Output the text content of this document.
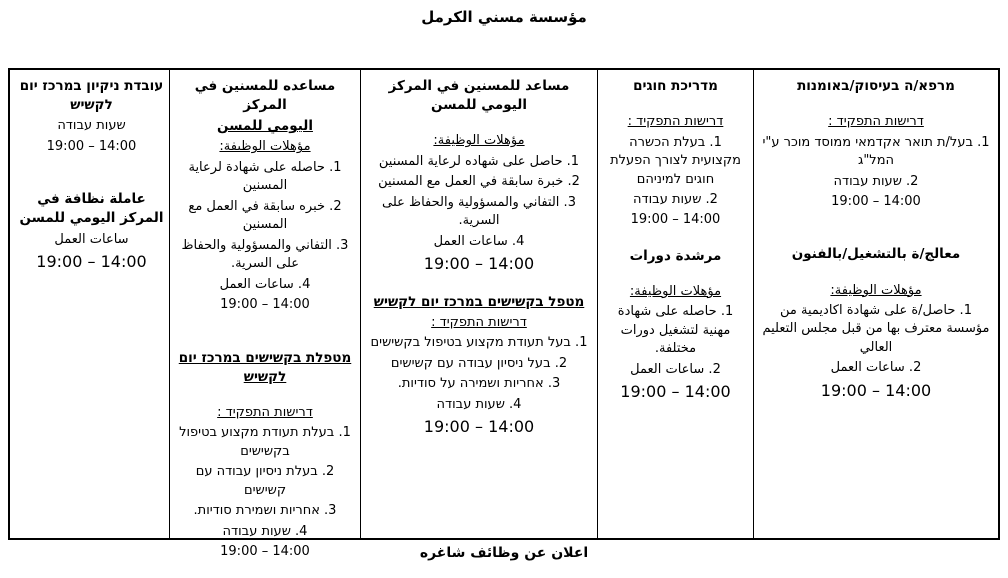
مؤسسة مسني الكرمل

מרפא/ה בעיסוק/באומנות

דרישות התפקיד :

1. בעל/ת תואר אקדמאי ממוסד מוכר ע"י המל"ג

2. שעות עבודה

19:00 – 14:00

معالج/ة بالتشغيل/بالفنون

مؤهلات الوظيفة:

1. حاصل/ة على شهادة اكاديمية من مؤسسة معترف بها من قبل مجلس التعليم العالي

2. ساعات العمل

19:00 – 14:00

מדריכת חוגים

דרישות התפקיד :

1. בעלת הכשרה מקצועית לצורך הפעלת חוגים למיניהם

2. שעות עבודה

19:00 – 14:00

مرشدة دورات

مؤهلات الوظيفة:

1. حاصله على شهادة مهنية لتشغيل دورات مختلفة.

2. ساعات العمل

19:00 – 14:00

مساعد للمسنين في المركز اليومي للمسن

مؤهلات الوظيفة:

1. حاصل على شهاده لرعاية المسنين

2. خبرة سابقة في العمل مع المسنين

3. التفاني والمسؤولية والحفاظ على السرية.

4. ساعات العمل

19:00 – 14:00

מטפל בקשישים במרכז יום לקשיש

דרישות התפקיד :

1. בעל תעודת מקצוע בטיפול בקשישים

2. בעל ניסיון עבודה עם קשישים

3. אחריות ושמירה על סודיות.

4. שעות עבודה

19:00 – 14:00

مساعده للمسنين في المركز

اليومي للمسن

مؤهلات الوظيفة:

1. حاصله على شهادة لرعاية المسنين

2. خبره سابقة في العمل مع المسنين

3. التفاني والمسؤولية والحفاظ على السرية.

4. ساعات العمل

19:00 – 14:00

מטפלת בקשישים במרכז יום לקשיש

דרישות התפקיד :

1. בעלת תעודת מקצוע בטיפול בקשישים

2. בעלת ניסיון עבודה עם קשישים

3. אחריות ושמירת סודיות.

4. שעות עבודה

19:00 – 14:00

עובדת ניקיון במרכז יום לקשיש

שעות עבודה

19:00 – 14:00

عاملة نظافة في المركز اليومي للمسن

ساعات العمل

19:00 – 14:00

اعلان عن وظائف شاغره
